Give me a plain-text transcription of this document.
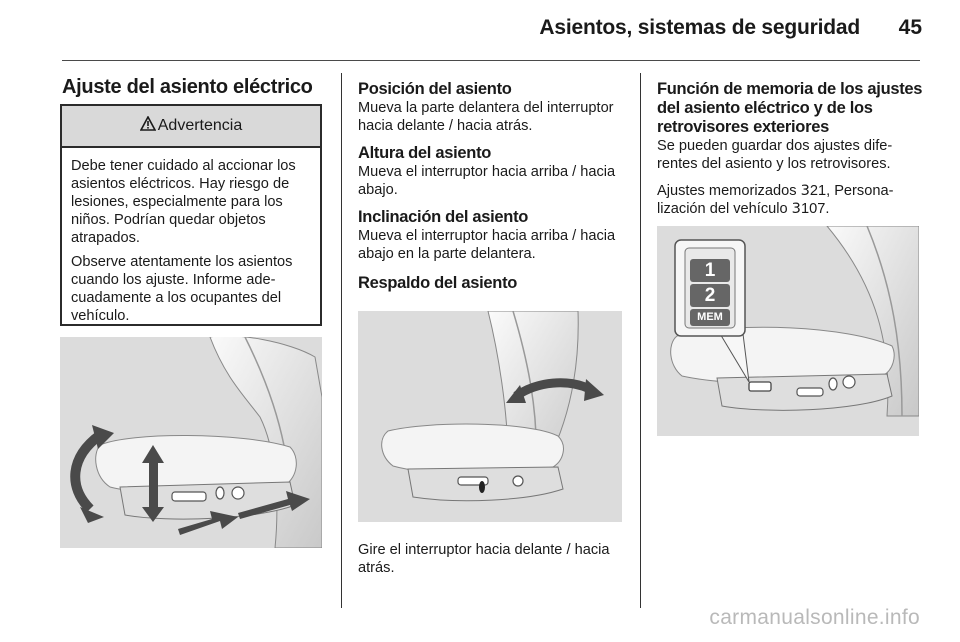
Asientos, sistemas de seguridad 45
Ajuste del asiento eléctrico
Advertencia

Debe tener cuidado al accionar los asientos eléctricos. Hay riesgo de lesiones, especialmente para los niños. Podrían quedar objetos atrapados.

Observe atentamente los asientos cuando los ajuste. Informe adecuadamente a los ocupantes del vehículo.

Posición del asiento

Mueva la parte delantera del interruptor hacia delante / hacia atrás.

Altura del asiento

Mueva el interruptor hacia arriba / hacia abajo.

Inclinación del asiento

Mueva el interruptor hacia arriba / hacia abajo en la parte delantera.

Respaldo del asiento
Gire el interruptor hacia delante / hacia atrás.
Función de memoria de los ajustes del asiento eléctrico y de los retrovisores exteriores

Se pueden guardar dos ajustes diferentes del asiento y los retrovisores.

Ajustes memorizados 321, Personalización del vehículo 3107.

1
2
MEM
carmanualsonline.info
